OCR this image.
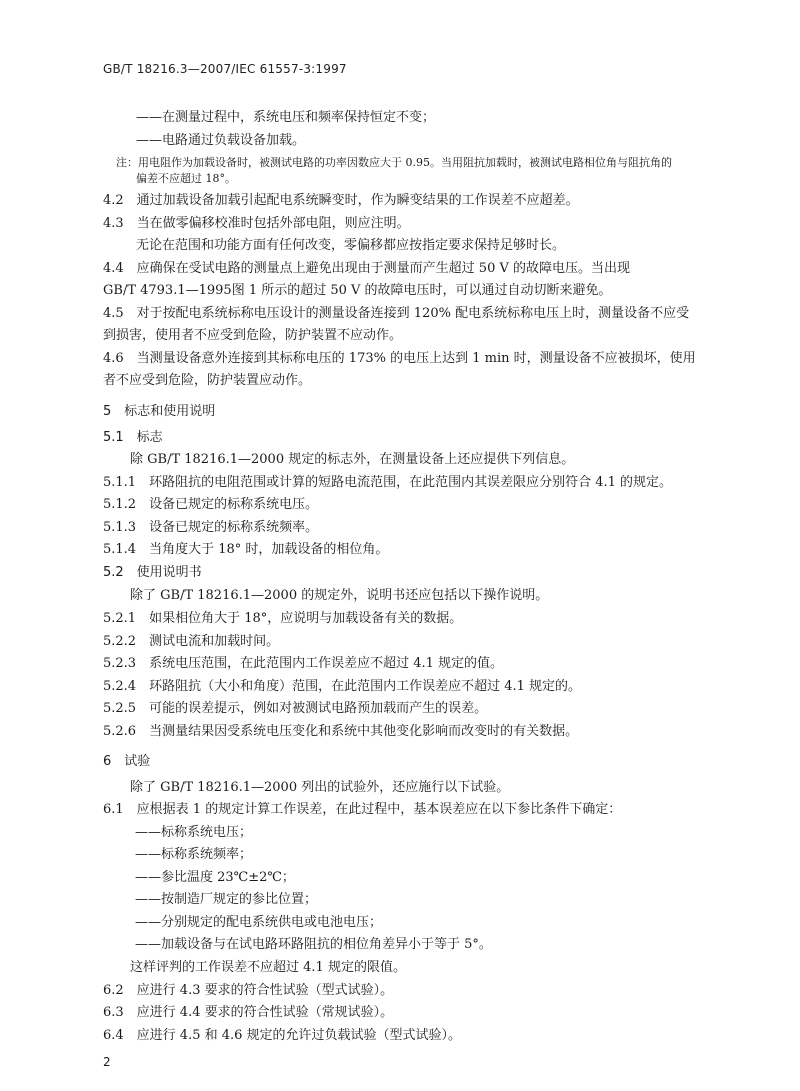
GB/T 18216.3—2007/IEC 61557-3:1997
——在测量过程中，系统电压和频率保持恒定不变；
——电路通过负载设备加载。
注：用电阻作为加载设备时，被测试电路的功率因数应大于 0.95。当用阻抗加载时，被测试电路相位角与阻抗角的
偏差不应超过 18°。
4.2　通过加载设备加载引起配电系统瞬变时，作为瞬变结果的工作误差不应超差。
4.3　当在做零偏移校准时包括外部电阻，则应注明。
无论在范围和功能方面有任何改变，零偏移都应按指定要求保持足够时长。
4.4　应确保在受试电路的测量点上避免出现由于测量而产生超过 50 V 的故障电压。当出现
GB/T 4793.1—1995图 1 所示的超过 50 V 的故障电压时，可以通过自动切断来避免。
4.5　对于按配电系统标称电压设计的测量设备连接到 120% 配电系统标称电压上时，测量设备不应受
到损害，使用者不应受到危险，防护装置不应动作。
4.6　当测量设备意外连接到其标称电压的 173% 的电压上达到 1 min 时，测量设备不应被损坏，使用
者不应受到危险，防护装置应动作。
5　标志和使用说明
5.1　标志
除 GB/T 18216.1—2000 规定的标志外，在测量设备上还应提供下列信息。
5.1.1　环路阻抗的电阻范围或计算的短路电流范围，在此范围内其误差限应分别符合 4.1 的规定。
5.1.2　设备已规定的标称系统电压。
5.1.3　设备已规定的标称系统频率。
5.1.4　当角度大于 18° 时，加载设备的相位角。
5.2　使用说明书
除了 GB/T 18216.1—2000 的规定外，说明书还应包括以下操作说明。
5.2.1　如果相位角大于 18°，应说明与加载设备有关的数据。
5.2.2　测试电流和加载时间。
5.2.3　系统电压范围，在此范围内工作误差应不超过 4.1 规定的值。
5.2.4　环路阻抗（大小和角度）范围，在此范围内工作误差应不超过 4.1 规定的。
5.2.5　可能的误差提示，例如对被测试电路预加载而产生的误差。
5.2.6　当测量结果因受系统电压变化和系统中其他变化影响而改变时的有关数据。
6　试验
除了 GB/T 18216.1—2000 列出的试验外，还应施行以下试验。
6.1　应根据表 1 的规定计算工作误差，在此过程中，基本误差应在以下参比条件下确定：
——标称系统电压；
——标称系统频率；
——参比温度 23℃±2℃；
——按制造厂规定的参比位置；
——分别规定的配电系统供电或电池电压；
——加载设备与在试电路环路阻抗的相位角差异小于等于 5°。
这样评判的工作误差不应超过 4.1 规定的限值。
6.2　应进行 4.3 要求的符合性试验（型式试验）。
6.3　应进行 4.4 要求的符合性试验（常规试验）。
6.4　应进行 4.5 和 4.6 规定的允许过负载试验（型式试验）。
2
